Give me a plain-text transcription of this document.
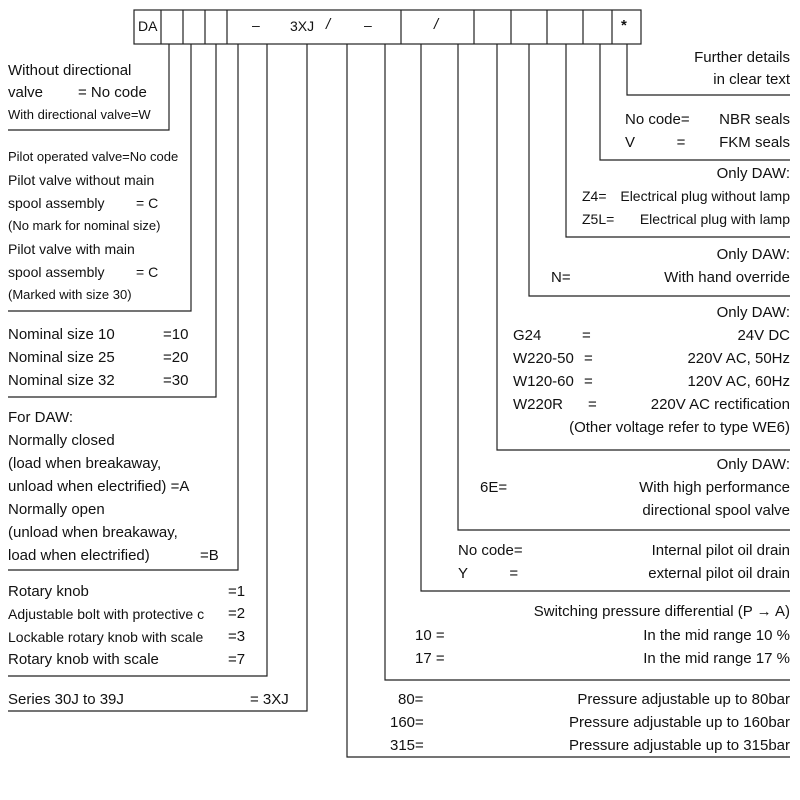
DA	– 3XJ / –	/	*
Without directional
valve = No code
With directional valve=W
Pilot operated valve=No code
Pilot valve without main
spool assembly = C
(No mark for nominal size)
Pilot valve with main
spool assembly = C
(Marked with size 30)
Nominal size 10	=10
Nominal size 25	=20
Nominal size 32	=30
For DAW:
Normally closed
(load when breakaway,
unload when electrified) =A
Normally open
(unload when breakaway,
load when electrified)	=B
Rotary knob	=1
Adjustable bolt with protective c =2
Lockable rotary knob with scale =3
Rotary knob with scale	=7
Series 30J to 39J	= 3XJ
Further details
in clear text
No code= NBR seals
V          = FKM seals
Only DAW:
Z4= Electrical plug without lamp
Z5L= Electrical plug with lamp
Only DAW:
N=	With hand override
Only DAW:
G24	=	24V DC
W220-50 =	220V AC, 50Hz
W120-60 =	120V AC, 60Hz
W220R =	220V AC rectification
(Other voltage refer to type WE6)
Only DAW:
6E=	With high performance
directional spool valve
No code=	Internal pilot oil drain
Y          =	external pilot oil drain
Switching pressure differential (P → A)
10 =	In the mid range 10 %
17 =	In the mid range 17 %
80=	Pressure adjustable up to 80bar
160=	Pressure adjustable up to 160bar
315=	Pressure adjustable up to 315bar
